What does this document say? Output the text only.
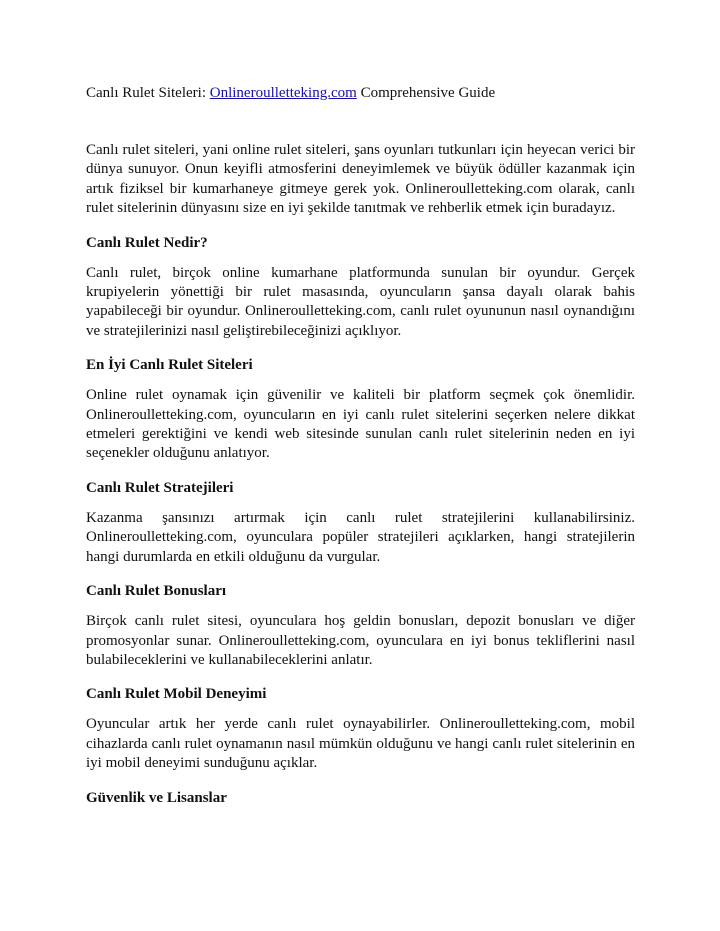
Canlı Rulet Siteleri: Onlineroulletteking.com Comprehensive Guide

Canlı rulet siteleri, yani online rulet siteleri, şans oyunları tutkunları için heyecan verici bir dünya sunuyor. Onun keyifli atmosferini deneyimlemek ve büyük ödüller kazanmak için artık fiziksel bir kumarhaneye gitmeye gerek yok. Onlineroulletteking.com olarak, canlı rulet sitelerinin dünyasını size en iyi şekilde tanıtmak ve rehberlik etmek için buradayız.

Canlı Rulet Nedir?

Canlı rulet, birçok online kumarhane platformunda sunulan bir oyundur. Gerçek krupiyelerin yönettiği bir rulet masasında, oyuncuların şansa dayalı olarak bahis yapabileceği bir oyundur. Onlineroulletteking.com, canlı rulet oyununun nasıl oynandığını ve stratejilerinizi nasıl geliştirebileceğinizi açıklıyor.

En İyi Canlı Rulet Siteleri

Online rulet oynamak için güvenilir ve kaliteli bir platform seçmek çok önemlidir. Onlineroulletteking.com, oyuncuların en iyi canlı rulet sitelerini seçerken nelere dikkat etmeleri gerektiğini ve kendi web sitesinde sunulan canlı rulet sitelerinin neden en iyi seçenekler olduğunu anlatıyor.

Canlı Rulet Stratejileri

Kazanma şansınızı artırmak için canlı rulet stratejilerini kullanabilirsiniz. Onlineroulletteking.com, oyunculara popüler stratejileri açıklarken, hangi stratejilerin hangi durumlarda en etkili olduğunu da vurgular.

Canlı Rulet Bonusları

Birçok canlı rulet sitesi, oyunculara hoş geldin bonusları, depozit bonusları ve diğer promosyonlar sunar. Onlineroulletteking.com, oyunculara en iyi bonus tekliflerini nasıl bulabileceklerini ve kullanabileceklerini anlatır.

Canlı Rulet Mobil Deneyimi

Oyuncular artık her yerde canlı rulet oynayabilirler. Onlineroulletteking.com, mobil cihazlarda canlı rulet oynamanın nasıl mümkün olduğunu ve hangi canlı rulet sitelerinin en iyi mobil deneyimi sunduğunu açıklar.

Güvenlik ve Lisanslar
